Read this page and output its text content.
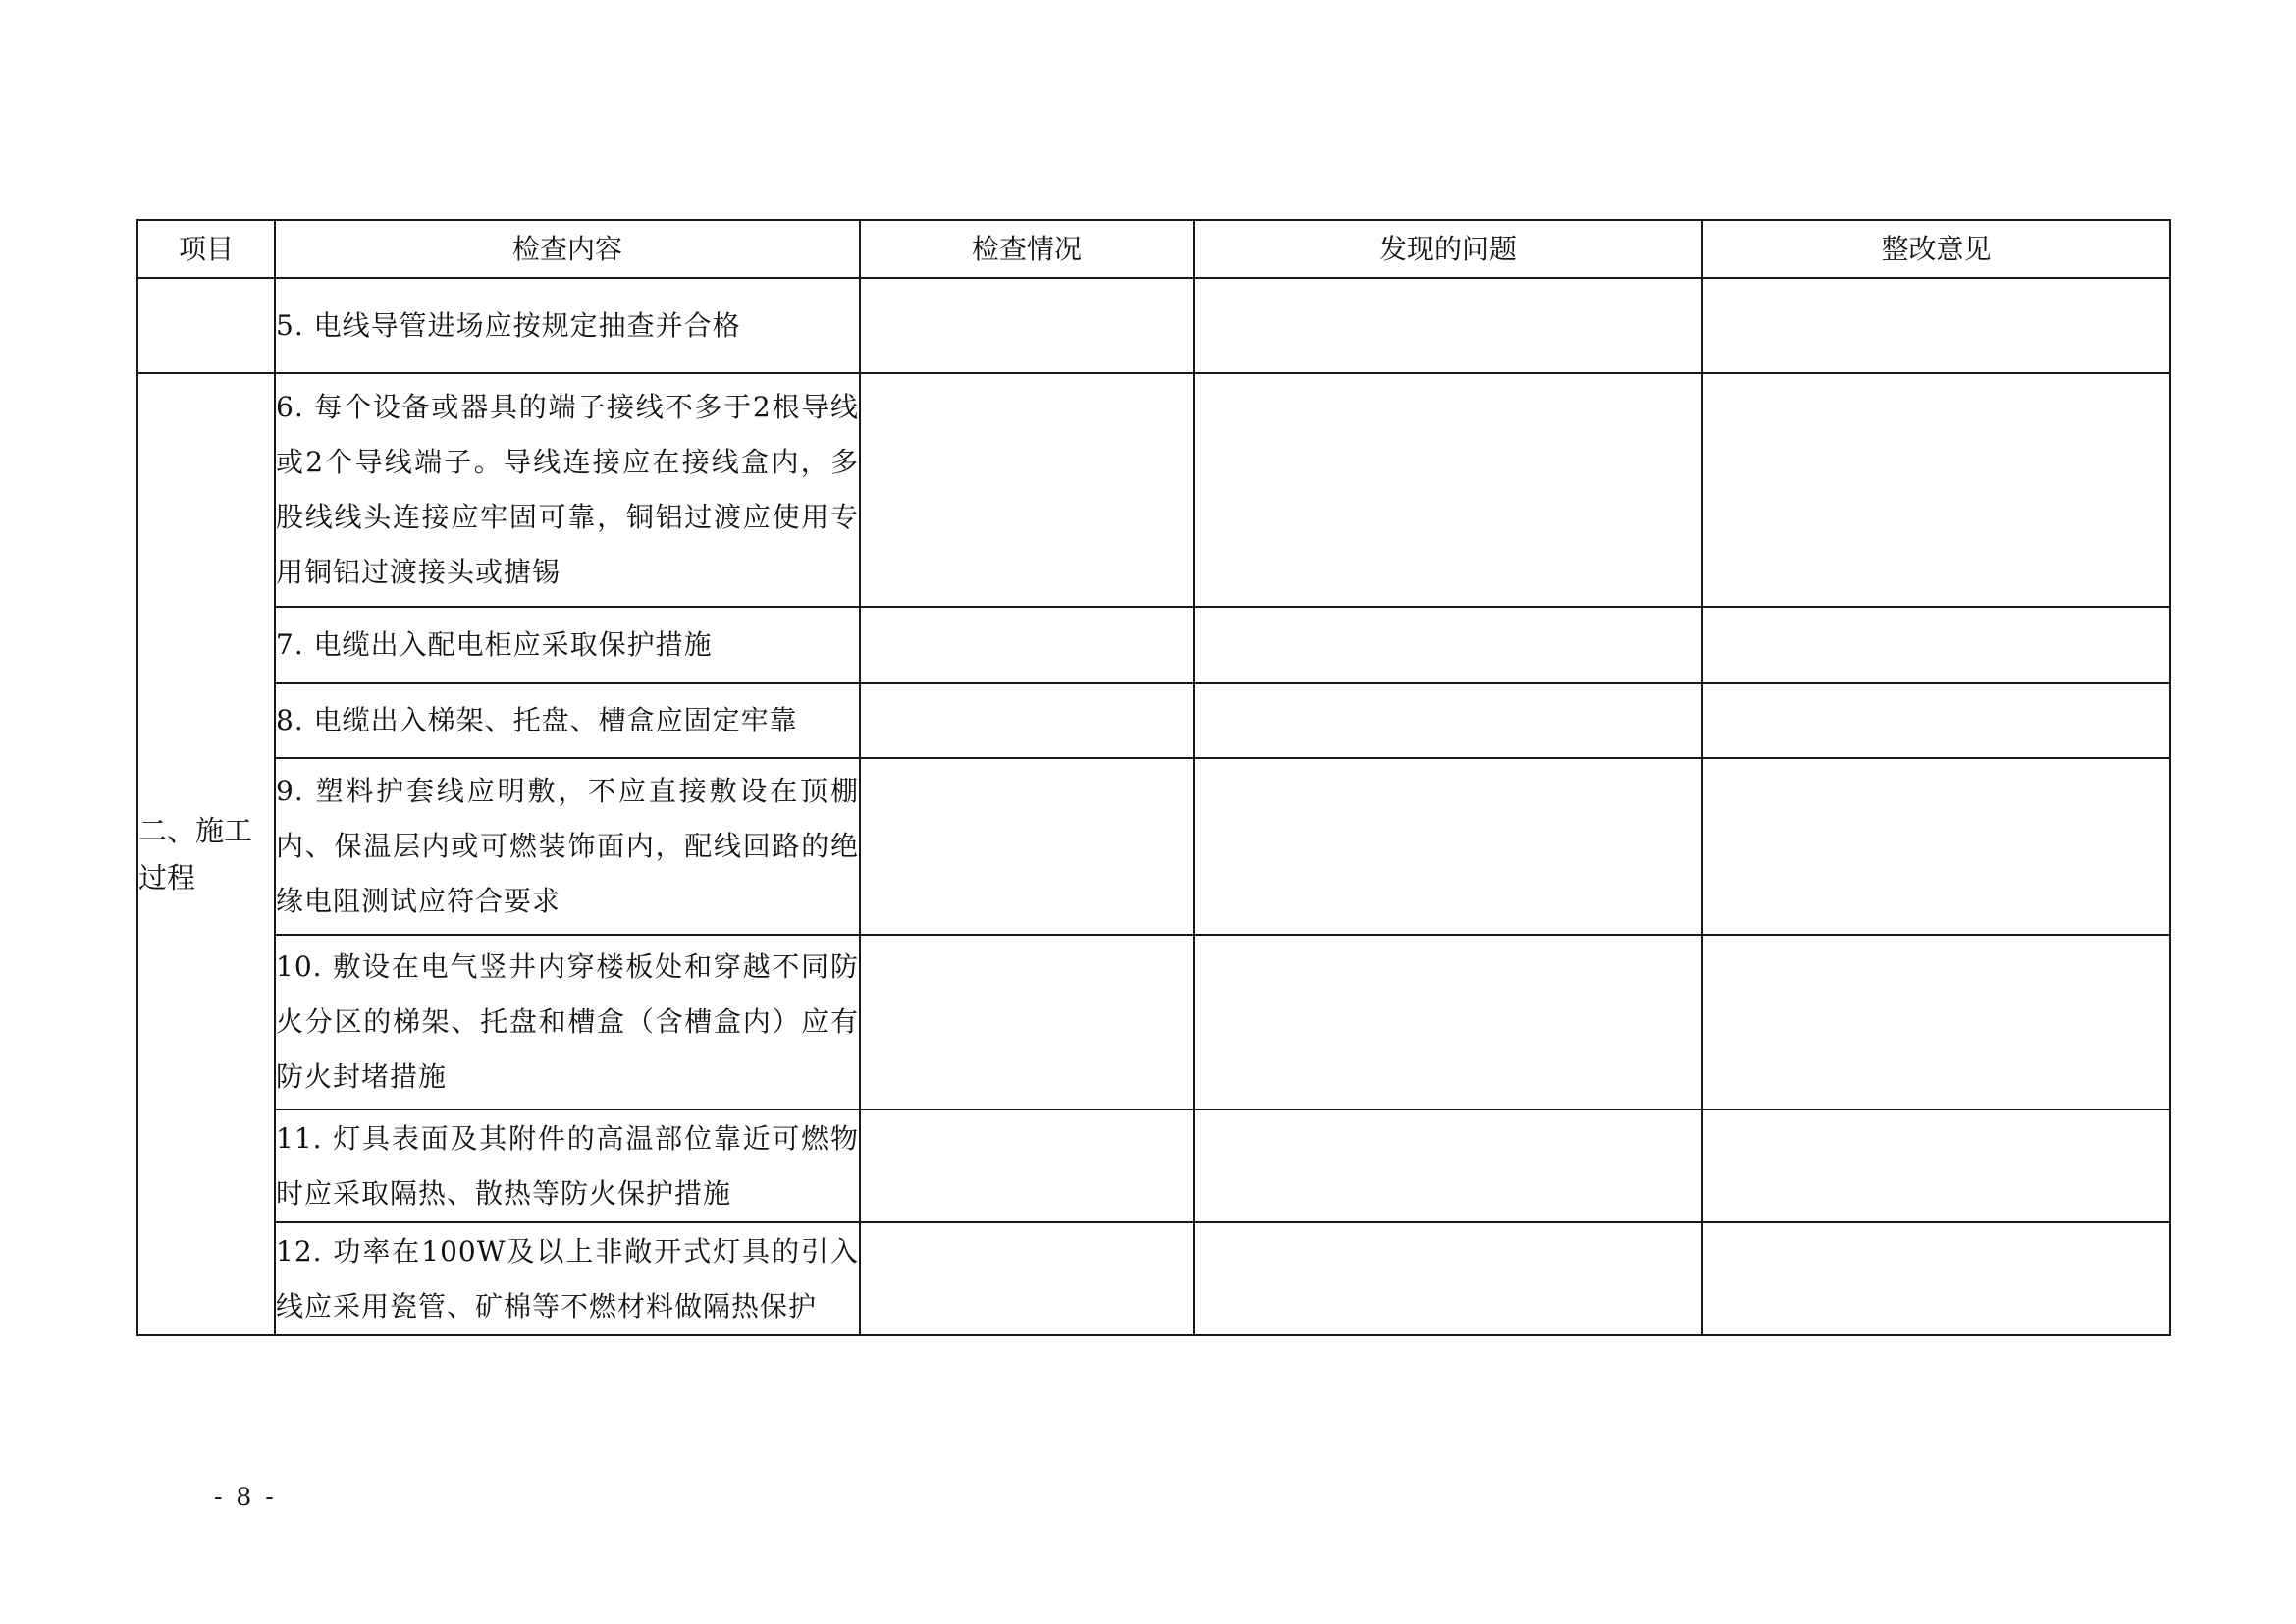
项目	检查内容	检查情况	发现的问题	整改意见
	5. 电线导管进场应按规定抽查并合格			
二、施工过程	6. 每个设备或器具的端子接线不多于2根导线或2个导线端子。导线连接应在接线盒内，多股线线头连接应牢固可靠，铜铝过渡应使用专用铜铝过渡接头或搪锡			
	7. 电缆出入配电柜应采取保护措施			
	8. 电缆出入梯架、托盘、槽盒应固定牢靠			
	9. 塑料护套线应明敷，不应直接敷设在顶棚内、保温层内或可燃装饰面内，配线回路的绝缘电阻测试应符合要求			
	10. 敷设在电气竖井内穿楼板处和穿越不同防火分区的梯架、托盘和槽盒（含槽盒内）应有防火封堵措施			
	11. 灯具表面及其附件的高温部位靠近可燃物时应采取隔热、散热等防火保护措施			
	12. 功率在100W及以上非敞开式灯具的引入线应采用瓷管、矿棉等不燃材料做隔热保护			
- 8 -
